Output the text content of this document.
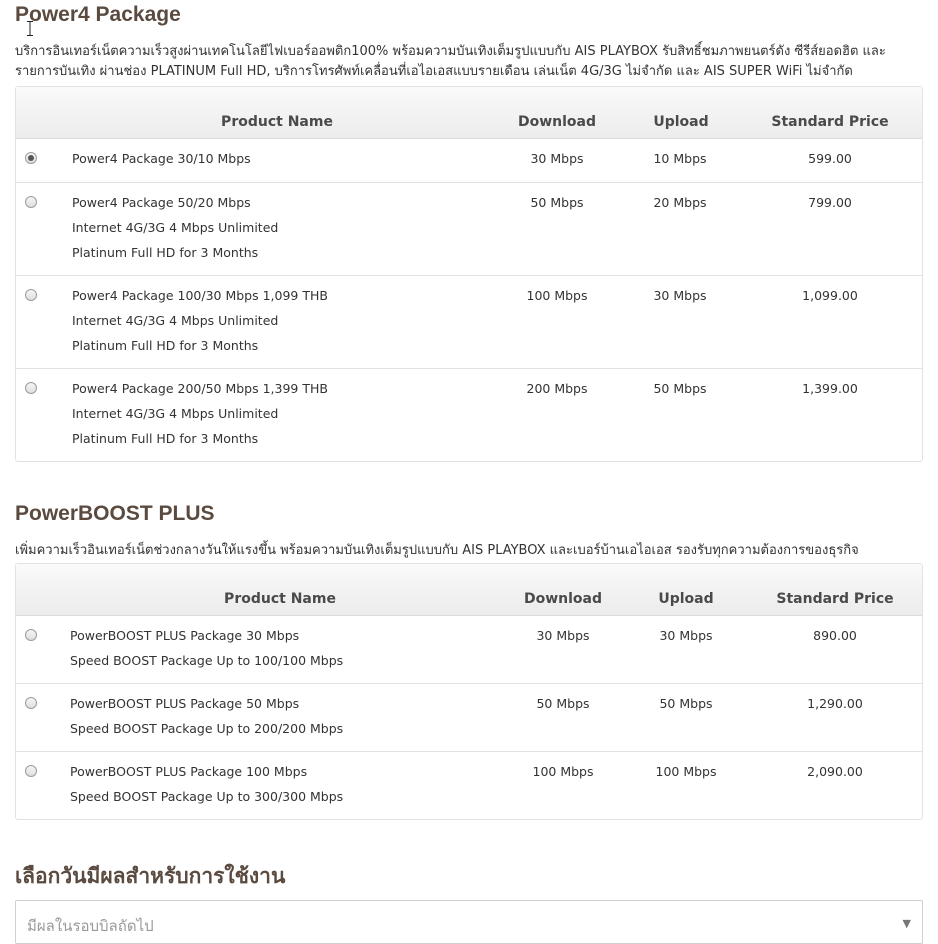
Power4 Package

บริการอินเทอร์เน็ตความเร็วสูงผ่านเทคโนโลยีไฟเบอร์ออพติก100% พร้อมความบันเทิงเต็มรูปแบบกับ AIS PLAYBOX รับสิทธิ์ชมภาพยนตร์ดัง ซีรีส์ยอดฮิต และ
รายการบันเทิง ผ่านช่อง PLATINUM Full HD, บริการโทรศัพท์เคลื่อนที่เอไอเอสแบบรายเดือน เล่นเน็ต 4G/3G ไม่จำกัด และ AIS SUPER WiFi ไม่จำกัด

Product Name	Download	Upload	Standard Price
Power4 Package 30/10 Mbps	30 Mbps	10 Mbps	599.00
Power4 Package 50/20 Mbps
Internet 4G/3G 4 Mbps Unlimited
Platinum Full HD for 3 Months
50 Mbps	20 Mbps	799.00
Power4 Package 100/30 Mbps 1,099 THB
Internet 4G/3G 4 Mbps Unlimited
Platinum Full HD for 3 Months
100 Mbps	30 Mbps	1,099.00
Power4 Package 200/50 Mbps 1,399 THB
Internet 4G/3G 4 Mbps Unlimited
Platinum Full HD for 3 Months
200 Mbps	50 Mbps	1,399.00
PowerBOOST PLUS

เพิ่มความเร็วอินเทอร์เน็ตช่วงกลางวันให้แรงขึ้น พร้อมความบันเทิงเต็มรูปแบบกับ AIS PLAYBOX และเบอร์บ้านเอไอเอส รองรับทุกความต้องการของธุรกิจ

Product Name	Download	Upload	Standard Price
PowerBOOST PLUS Package 30 Mbps
Speed BOOST Package Up to 100/100 Mbps
30 Mbps	30 Mbps	890.00
PowerBOOST PLUS Package 50 Mbps
Speed BOOST Package Up to 200/200 Mbps
50 Mbps	50 Mbps	1,290.00
PowerBOOST PLUS Package 100 Mbps
Speed BOOST Package Up to 300/300 Mbps
100 Mbps	100 Mbps	2,090.00
เลือกวันมีผลสำหรับการใช้งาน
มีผลในรอบบิลถัดไป	▼
